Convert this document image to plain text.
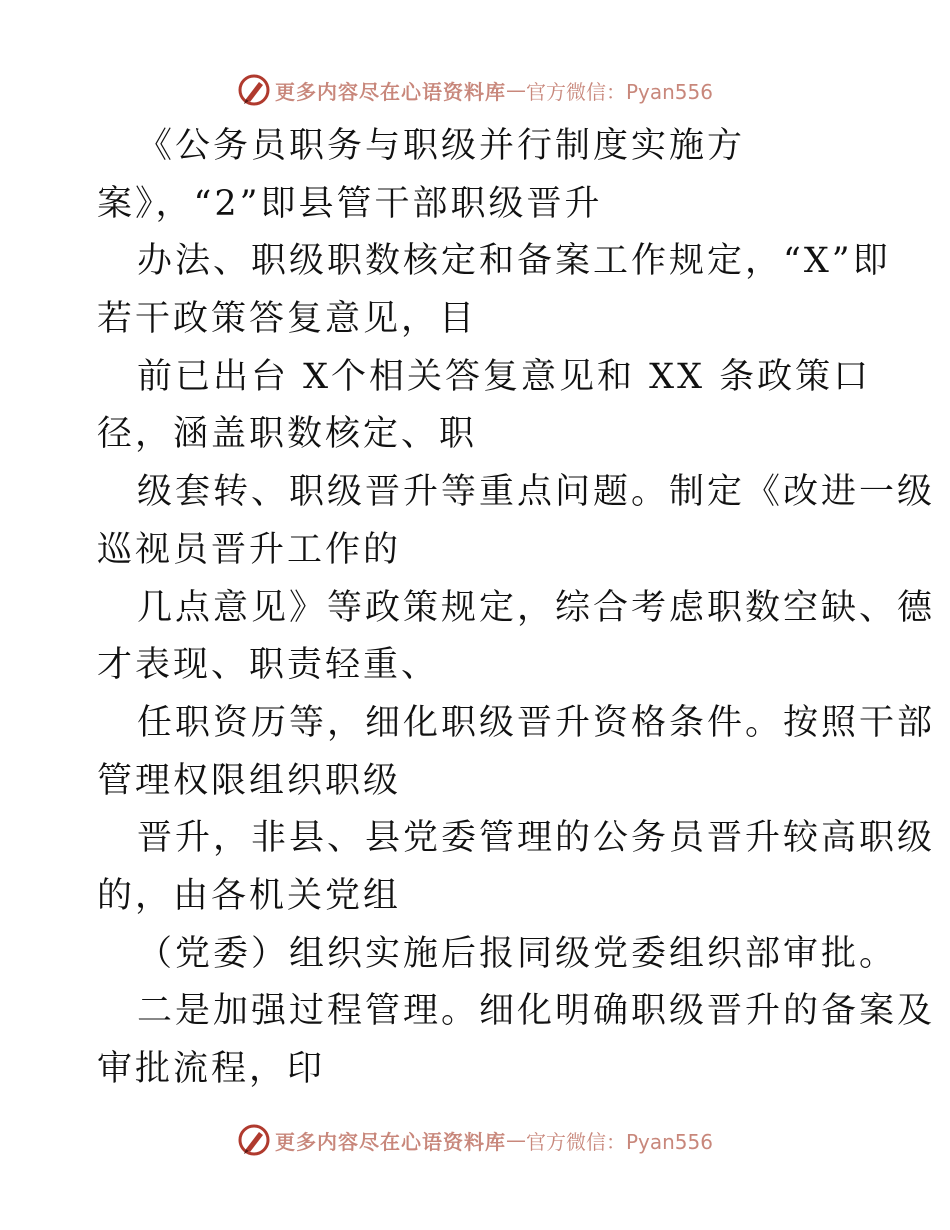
更多内容尽在心语资料库 — 官方微信：Pyan556
《公务员职务与职级并行制度实施方
案》，“2”即县管干部职级晋升
办法、职级职数核定和备案工作规定，“X”即
若干政策答复意见，目
前已出台 X个相关答复意见和 XX 条政策口
径，涵盖职数核定、职
级套转、职级晋升等重点问题。制定《改进一级
巡视员晋升工作的
几点意见》等政策规定，综合考虑职数空缺、德
才表现、职责轻重、
任职资历等，细化职级晋升资格条件。按照干部
管理权限组织职级
晋升，非县、县党委管理的公务员晋升较高职级
的，由各机关党组
（党委）组织实施后报同级党委组织部审批。
二是加强过程管理。细化明确职级晋升的备案及
审批流程，印
更多内容尽在心语资料库 — 官方微信：Pyan556
